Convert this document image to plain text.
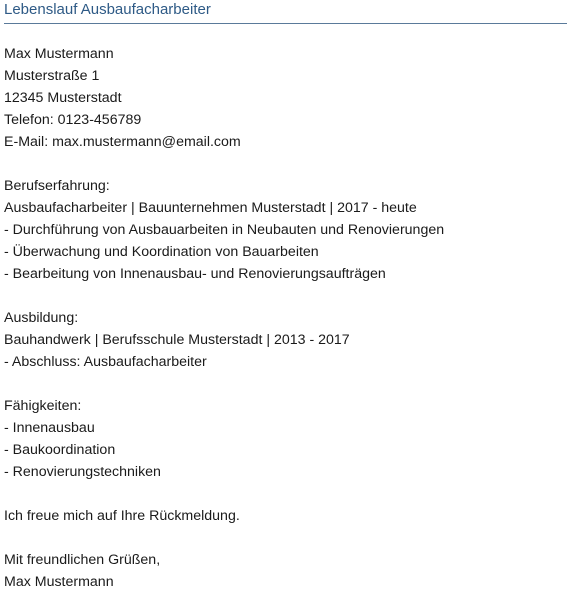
Lebenslauf Ausbaufacharbeiter
Max Mustermann
Musterstraße 1
12345 Musterstadt
Telefon: 0123-456789
E-Mail: max.mustermann@email.com
Berufserfahrung:
Ausbaufacharbeiter | Bauunternehmen Musterstadt | 2017 - heute
- Durchführung von Ausbauarbeiten in Neubauten und Renovierungen
- Überwachung und Koordination von Bauarbeiten
- Bearbeitung von Innenausbau- und Renovierungsaufträgen
Ausbildung:
Bauhandwerk | Berufsschule Musterstadt | 2013 - 2017
- Abschluss: Ausbaufacharbeiter
Fähigkeiten:
- Innenausbau
- Baukoordination
- Renovierungstechniken
Ich freue mich auf Ihre Rückmeldung.
Mit freundlichen Grüßen,
Max Mustermann
